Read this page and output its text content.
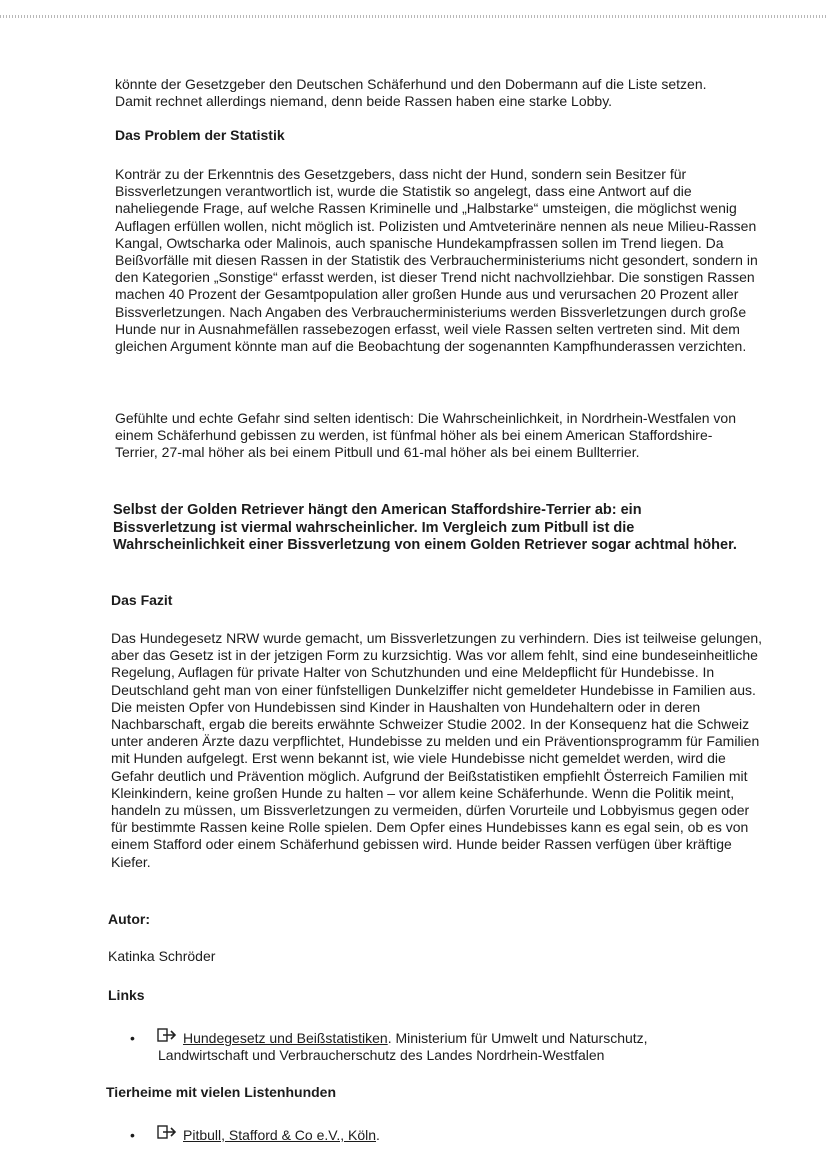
könnte der Gesetzgeber den Deutschen Schäferhund und den Dobermann auf die Liste setzen. Damit rechnet allerdings niemand, denn beide Rassen haben eine starke Lobby.

Das Problem der Statistik

Konträr zu der Erkenntnis des Gesetzgebers, dass nicht der Hund, sondern sein Besitzer für Bissverletzungen verantwortlich ist, wurde die Statistik so angelegt, dass eine Antwort auf die naheliegende Frage, auf welche Rassen Kriminelle und „Halbstarke“ umsteigen, die möglichst wenig Auflagen erfüllen wollen, nicht möglich ist. Polizisten und Amtveterinäre nennen als neue Milieu-Rassen Kangal, Owtscharka oder Malinois, auch spanische Hundekampfrassen sollen im Trend liegen. Da Beißvorfälle mit diesen Rassen in der Statistik des Verbraucherministeriums nicht gesondert, sondern in den Kategorien „Sonstige“ erfasst werden, ist dieser Trend nicht nachvollziehbar. Die sonstigen Rassen machen 40 Prozent der Gesamtpopulation aller großen Hunde aus und verursachen 20 Prozent aller Bissverletzungen. Nach Angaben des Verbraucherministeriums werden Bissverletzungen durch große Hunde nur in Ausnahmefällen rassebezogen erfasst, weil viele Rassen selten vertreten sind. Mit dem gleichen Argument könnte man auf die Beobachtung der sogenannten Kampfhunderassen verzichten.

Gefühlte und echte Gefahr sind selten identisch: Die Wahrscheinlichkeit, in Nordrhein-Westfalen von einem Schäferhund gebissen zu werden, ist fünfmal höher als bei einem American Staffordshire-Terrier, 27-mal höher als bei einem Pitbull und 61-mal höher als bei einem Bullterrier.

Selbst der Golden Retriever hängt den American Staffordshire-Terrier ab: ein Bissverletzung ist viermal wahrscheinlicher. Im Vergleich zum Pitbull ist die Wahrscheinlichkeit einer Bissverletzung von einem Golden Retriever sogar achtmal höher.

Das Fazit

Das Hundegesetz NRW wurde gemacht, um Bissverletzungen zu verhindern. Dies ist teilweise gelungen, aber das Gesetz ist in der jetzigen Form zu kurzsichtig. Was vor allem fehlt, sind eine bundeseinheitliche Regelung, Auflagen für private Halter von Schutzhunden und eine Meldepflicht für Hundebisse. In Deutschland geht man von einer fünfstelligen Dunkelziffer nicht gemeldeter Hundebisse in Familien aus. Die meisten Opfer von Hundebissen sind Kinder in Haushalten von Hundehaltern oder in deren Nachbarschaft, ergab die bereits erwähnte Schweizer Studie 2002. In der Konsequenz hat die Schweiz unter anderen Ärzte dazu verpflichtet, Hundebisse zu melden und ein Präventionsprogramm für Familien mit Hunden aufgelegt. Erst wenn bekannt ist, wie viele Hundebisse nicht gemeldet werden, wird die Gefahr deutlich und Prävention möglich. Aufgrund der Beißstatistiken empfiehlt Österreich Familien mit Kleinkindern, keine großen Hunde zu halten – vor allem keine Schäferhunde. Wenn die Politik meint, handeln zu müssen, um Bissverletzungen zu vermeiden, dürfen Vorurteile und Lobbyismus gegen oder für bestimmte Rassen keine Rolle spielen. Dem Opfer eines Hundebisses kann es egal sein, ob es von einem Stafford oder einem Schäferhund gebissen wird. Hunde beider Rassen verfügen über kräftige Kiefer.

Autor:

Katinka Schröder

Links
•	Hundegesetz und Beißstatistiken. Ministerium für Umwelt und Naturschutz,
Landwirtschaft und Verbraucherschutz des Landes Nordrhein-Westfalen
Tierheime mit vielen Listenhunden
•	Pitbull, Stafford & Co e.V., Köln.
